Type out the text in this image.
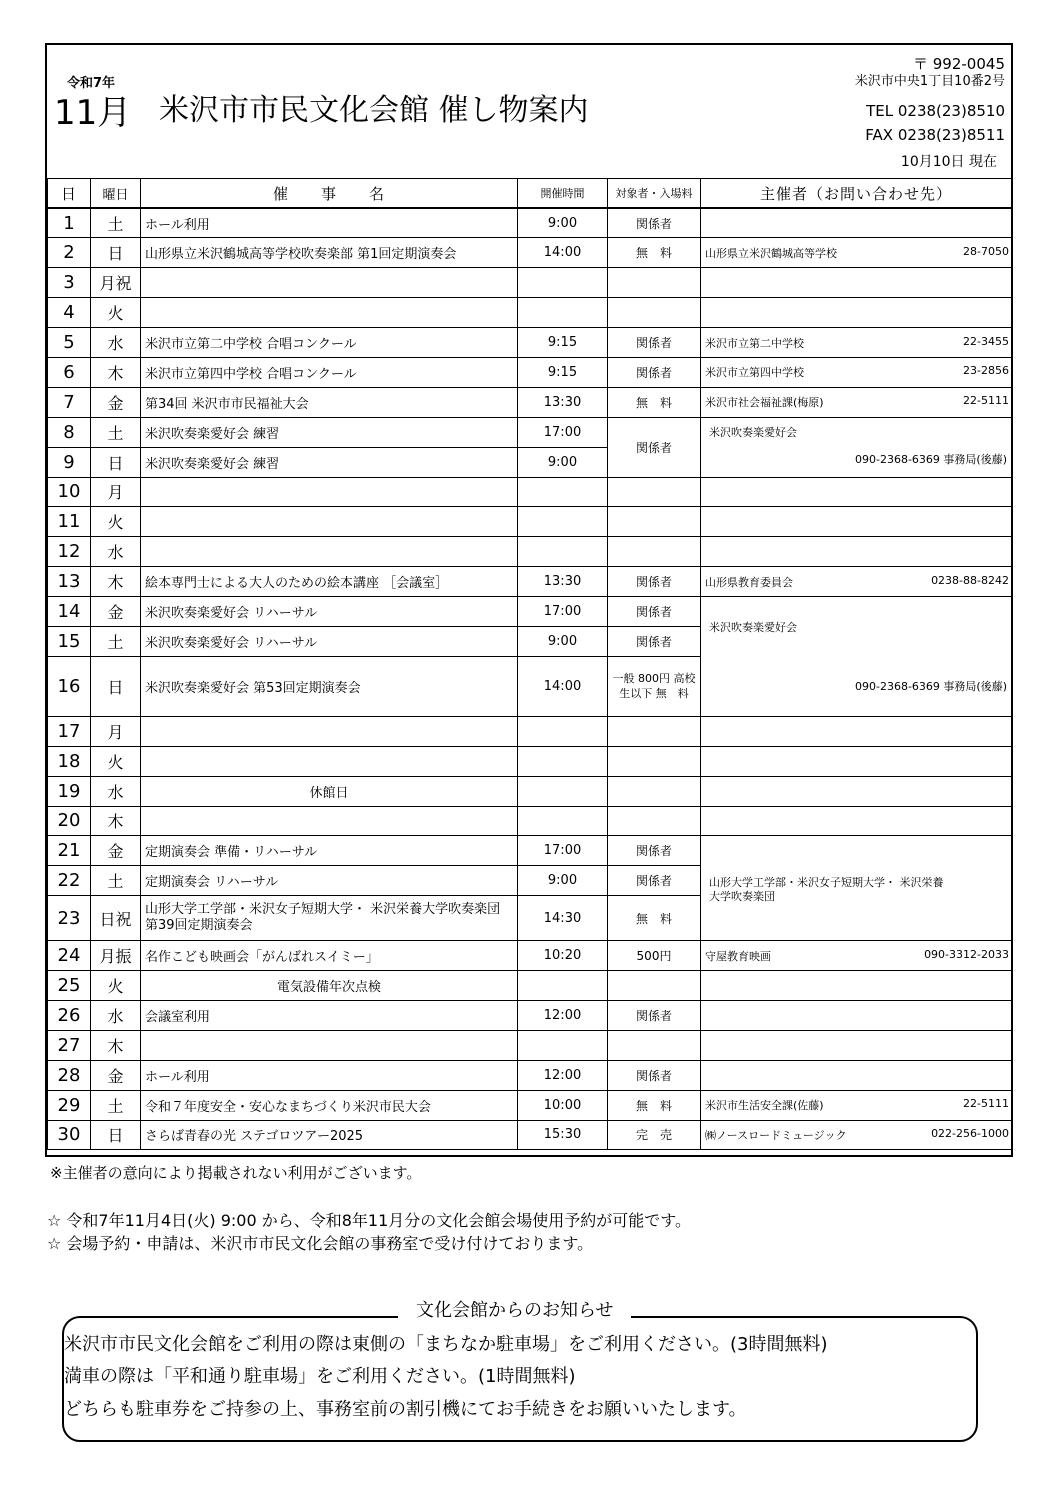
令和7年
11月 米沢市市民文化会館 催し物案内
〒 992-0045
米沢市中央1丁目10番2号
TEL 0238(23)8510
FAX 0238(23)8511
10月10日 現在
日	曜日	催　　事　　名	開催時間	対象者・入場料	主催者（お問い合わせ先）
1	土	ホール利用	9:00	関係者	
2	日	山形県立米沢鶴城高等学校吹奏楽部 第1回定期演奏会	14:00	無　料	山形県立米沢鶴城高等学校 28-7050

3	月祝				
4	火				
5	水	米沢市立第二中学校 合唱コンクール	9:15	関係者	米沢市立第二中学校 22-3455

6	木	米沢市立第四中学校 合唱コンクール	9:15	関係者	米沢市立第四中学校 23-2856

7	金	第34回 米沢市市民福祉大会	13:30	無　料	米沢市社会福祉課(梅原) 22-5111

8	土	米沢吹奏楽愛好会 練習	17:00	関係者	米沢吹奏楽愛好会
090-2368-6369 事務局(後藤)

9	日	米沢吹奏楽愛好会 練習	9:00		
10	月				
11	火				
12	水				
13	木	絵本専門士による大人のための絵本講座 ［会議室］	13:30	関係者	山形県教育委員会 0238-88-8242

14	金	米沢吹奏楽愛好会 リハーサル	17:00	関係者	米沢吹奏楽愛好会
090-2368-6369 事務局(後藤)

15	土	米沢吹奏楽愛好会 リハーサル	9:00	関係者	
16	日	米沢吹奏楽愛好会 第53回定期演奏会	14:00	一般 800円 高校生以下 無　料	
17	月				
18	火				
19	水	休館日			
20	木				
21	金	定期演奏会 準備・リハーサル	17:00	関係者	山形大学工学部・米沢女子短期大学・ 米沢栄養大学吹奏楽団

22	土	定期演奏会 リハーサル	9:00	関係者	
23	日祝	山形大学工学部・米沢女子短期大学・ 米沢栄養大学吹奏楽団 第39回定期演奏会	14:30	無　料	
24	月振	名作こども映画会「がんばれスイミー」	10:20	500円	守屋教育映画 090-3312-2033

25	火	電気設備年次点検			
26	水	会議室利用	12:00	関係者	
27	木				
28	金	ホール利用	12:00	関係者	
29	土	令和７年度安全・安心なまちづくり米沢市民大会	10:00	無　料	米沢市生活安全課(佐藤) 22-5111

30	日	さらば青春の光 ステゴロツアー2025	15:30	完　売	㈱ノースロードミュージック 022-256-1000
※主催者の意向により掲載されない利用がございます。
☆ 令和7年11月4日(火) 9:00 から、令和8年11月分の文化会館会場使用予約が可能です。
☆ 会場予約・申請は、米沢市市民文化会館の事務室で受け付けております。
文化会館からのお知らせ
米沢市市民文化会館をご利用の際は東側の「まちなか駐車場」をご利用ください。(3時間無料)
満車の際は「平和通り駐車場」をご利用ください。(1時間無料)
どちらも駐車券をご持参の上、事務室前の割引機にてお手続きをお願いいたします。
